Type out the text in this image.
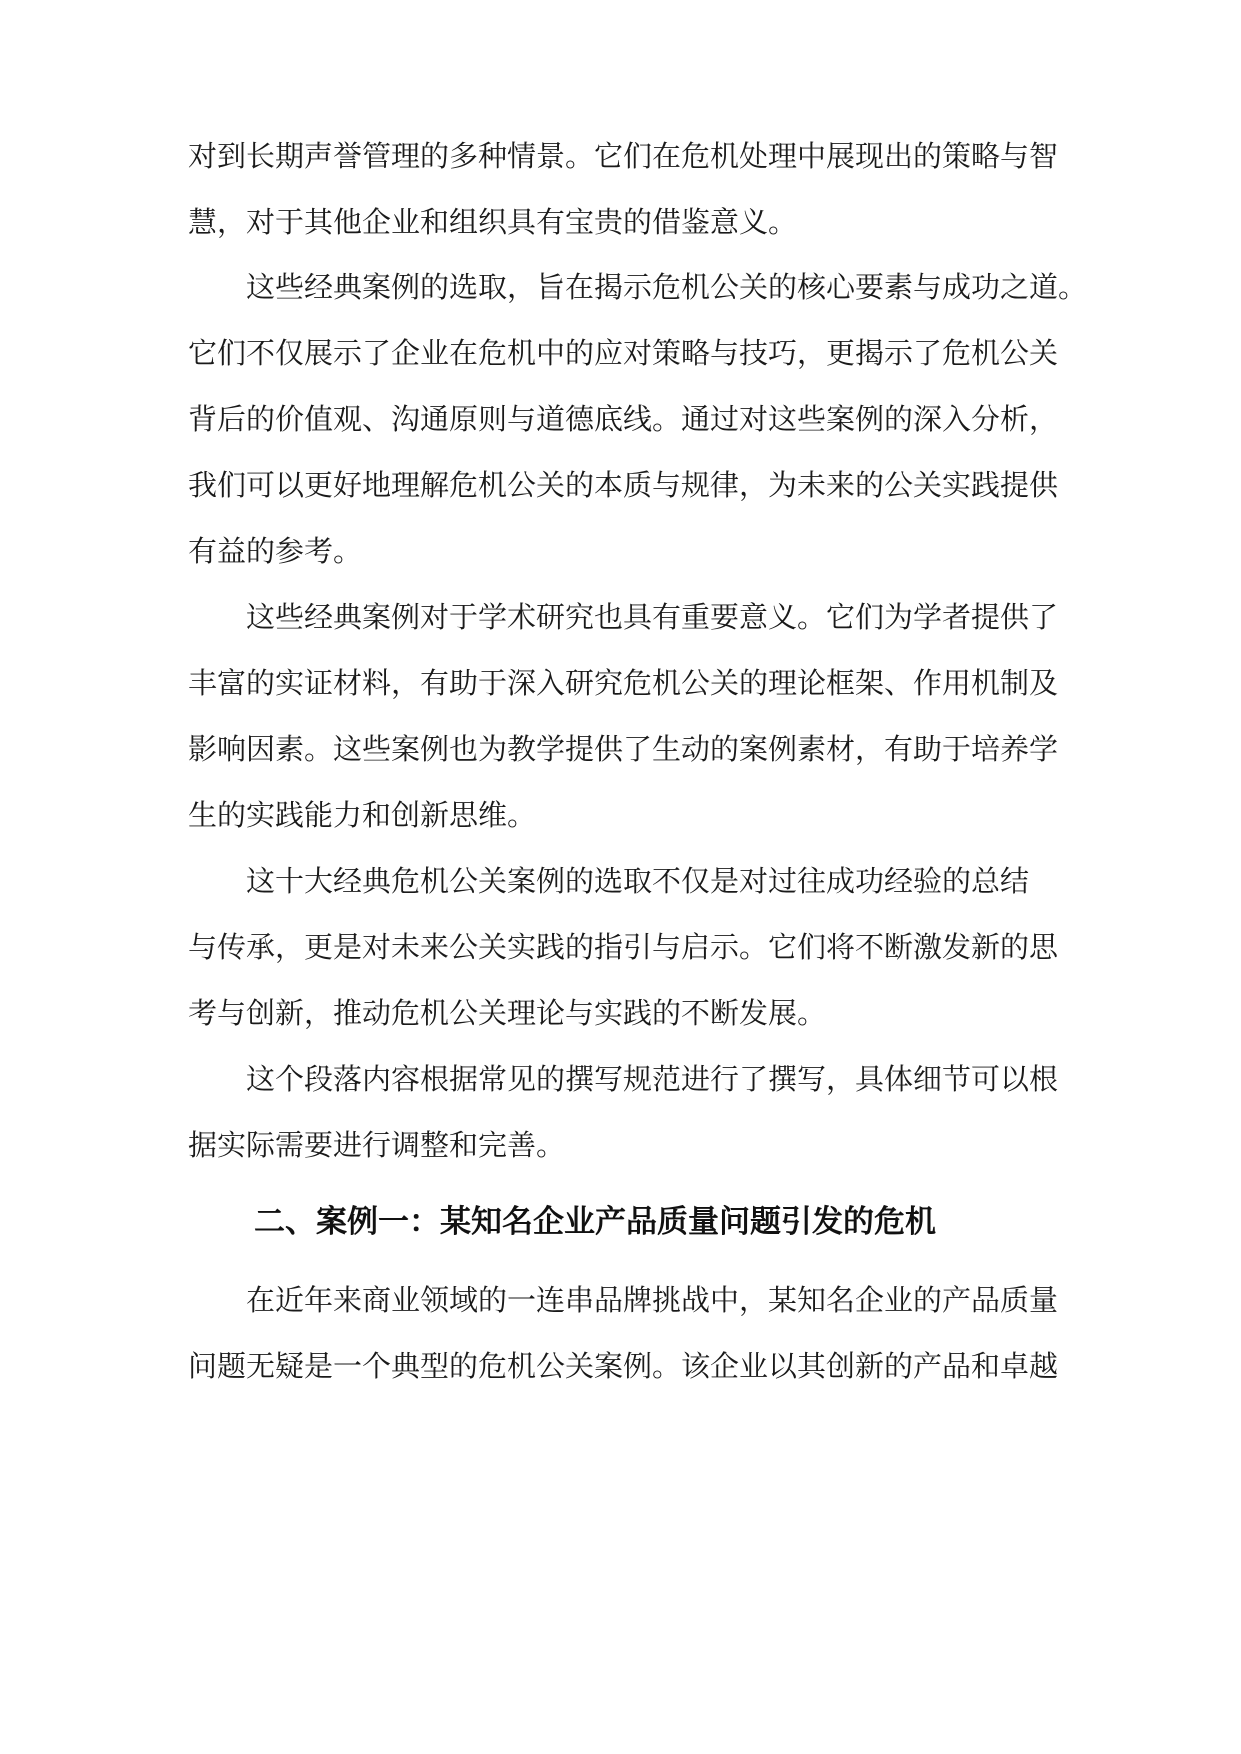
对到长期声誉管理的多种情景。它们在危机处理中展现出的策略与智
慧，对于其他企业和组织具有宝贵的借鉴意义。
这些经典案例的选取，旨在揭示危机公关的核心要素与成功之道。
它们不仅展示了企业在危机中的应对策略与技巧，更揭示了危机公关
背后的价值观、沟通原则与道德底线。通过对这些案例的深入分析，
我们可以更好地理解危机公关的本质与规律，为未来的公关实践提供
有益的参考。
这些经典案例对于学术研究也具有重要意义。它们为学者提供了
丰富的实证材料，有助于深入研究危机公关的理论框架、作用机制及
影响因素。这些案例也为教学提供了生动的案例素材，有助于培养学
生的实践能力和创新思维。
这十大经典危机公关案例的选取不仅是对过往成功经验的总结
与传承，更是对未来公关实践的指引与启示。它们将不断激发新的思
考与创新，推动危机公关理论与实践的不断发展。
这个段落内容根据常见的撰写规范进行了撰写，具体细节可以根
据实际需要进行调整和完善。
二、案例一：某知名企业产品质量问题引发的危机
在近年来商业领域的一连串品牌挑战中，某知名企业的产品质量
问题无疑是一个典型的危机公关案例。该企业以其创新的产品和卓越
